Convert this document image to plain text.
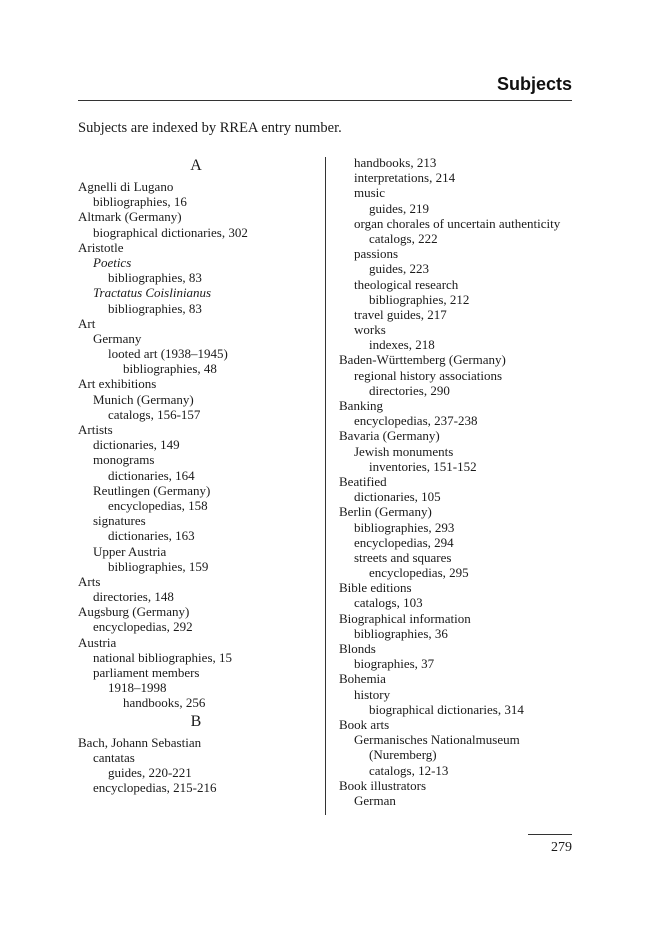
Subjects
Subjects are indexed by RREA entry number.
A
Agnelli di Lugano
bibliographies, 16
Altmark (Germany)
biographical dictionaries, 302
Aristotle
Poetics
bibliographies, 83
Tractatus Coislinianus
bibliographies, 83
Art
Germany
looted art (1938–1945)
bibliographies, 48
Art exhibitions
Munich (Germany)
catalogs, 156-157
Artists
dictionaries, 149
monograms
dictionaries, 164
Reutlingen (Germany)
encyclopedias, 158
signatures
dictionaries, 163
Upper Austria
bibliographies, 159
Arts
directories, 148
Augsburg (Germany)
encyclopedias, 292
Austria
national bibliographies, 15
parliament members
1918–1998
handbooks, 256
B
Bach, Johann Sebastian
cantatas
guides, 220-221
encyclopedias, 215-216
handbooks, 213
interpretations, 214
music
guides, 219
organ chorales of uncertain authenticity
catalogs, 222
passions
guides, 223
theological research
bibliographies, 212
travel guides, 217
works
indexes, 218
Baden-Württemberg (Germany)
regional history associations
directories, 290
Banking
encyclopedias, 237-238
Bavaria (Germany)
Jewish monuments
inventories, 151-152
Beatified
dictionaries, 105
Berlin (Germany)
bibliographies, 293
encyclopedias, 294
streets and squares
encyclopedias, 295
Bible editions
catalogs, 103
Biographical information
bibliographies, 36
Blonds
biographies, 37
Bohemia
history
biographical dictionaries, 314
Book arts
Germanisches Nationalmuseum
(Nuremberg)
catalogs, 12-13
Book illustrators
German
279
